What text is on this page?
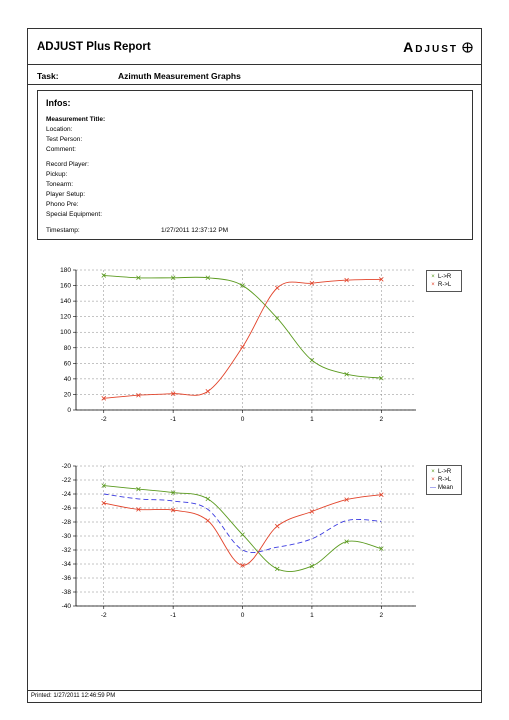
ADJUST Plus Report	Adjust
Task:	Azimuth Measurement Graphs
Infos:
Measurement Title:
Location:
Test Person:
Comment:
Record Player:
Pickup:
Tonearm:
Player Setup:
Phono Pre:
Special Equipment:
Timestamp:	1/27/2011 12:37:12 PM
0
20
40
60
80
100
120
140
160
180
-2	-1	0	1	2
× L->R
× R->L
-20
-22
-24
-26
-28
-30
-32
-34
-36
-38
-40
-2	-1	0	1	2
× L->R
× R->L
— Mean
Printed: 1/27/2011 12:46:59 PM
